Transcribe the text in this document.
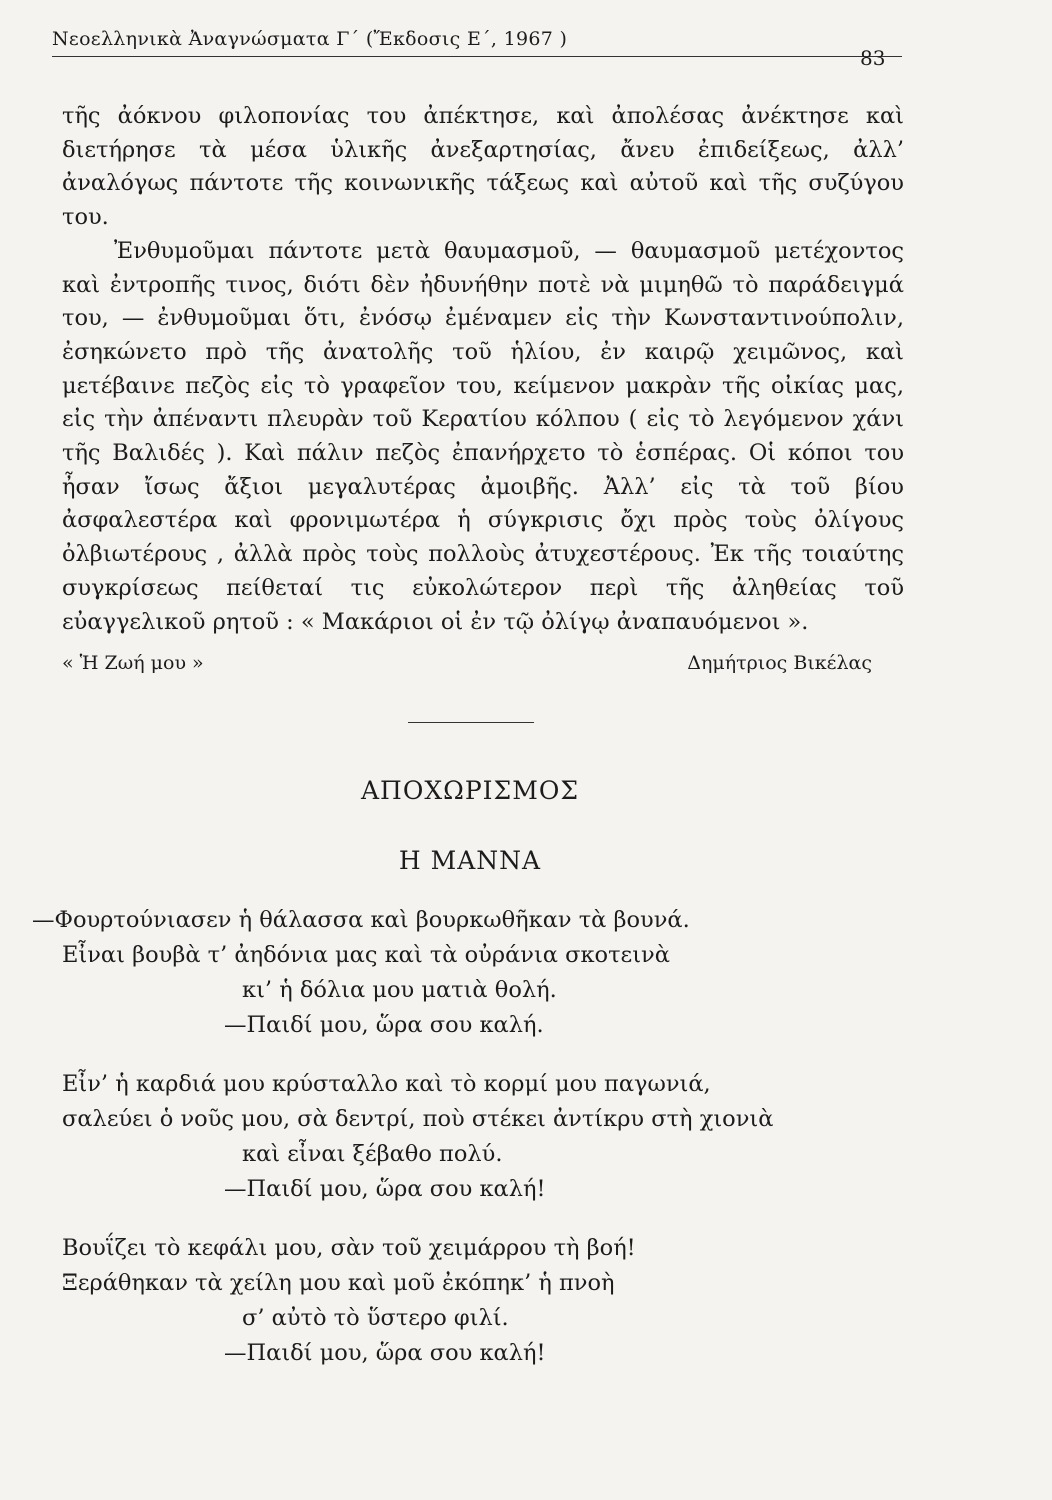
Νεοελληνικὰ Ἀναγνώσματα Γ΄ (Ἔκδοσις Ε΄, 1967 )
83

τῆς ἀόκνου φιλοπονίας του ἀπέκτησε, καὶ ἀπολέσας ἀνέκτησε καὶ διετήρησε τὰ μέσα ὑλικῆς ἀνεξαρτησίας, ἄνευ ἐπιδείξεως, ἀλλ’ ἀναλόγως πάντοτε τῆς κοινωνικῆς τάξεως καὶ αὐτοῦ καὶ τῆς συζύγου του.

Ἐνθυμοῦμαι πάντοτε μετὰ θαυμασμοῦ, — θαυμασμοῦ μετέχοντος καὶ ἐντροπῆς τινος, διότι δὲν ἠδυνήθην ποτὲ νὰ μιμηθῶ τὸ παράδειγμά του, — ἐνθυμοῦμαι ὅτι, ἐνόσῳ ἐμέναμεν εἰς τὴν Κωνσταντινούπολιν, ἐσηκώνετο πρὸ τῆς ἀνατολῆς τοῦ ἡλίου, ἐν καιρῷ χειμῶνος, καὶ μετέβαινε πεζὸς εἰς τὸ γραφεῖον του, κείμενον μακρὰν τῆς οἰκίας μας, εἰς τὴν ἀπέναντι πλευρὰν τοῦ Κερατίου κόλπου ( εἰς τὸ λεγόμενον χάνι τῆς Βαλιδές ). Καὶ πάλιν πεζὸς ἐπανήρχετο τὸ ἑσπέρας. Οἱ κόποι του ἦσαν ἴσως ἄξιοι μεγαλυτέρας ἀμοιβῆς. Ἀλλ’ εἰς τὰ τοῦ βίου ἀσφαλεστέρα καὶ φρονιμωτέρα ἡ σύγκρισις ὄχι πρὸς τοὺς ὀλίγους ὀλβιωτέρους , ἀλλὰ πρὸς τοὺς πολλοὺς ἀτυχεστέρους. Ἐκ τῆς τοιαύτης συγκρίσεως πείθεταί τις εὐκολώτερον περὶ τῆς ἀληθείας τοῦ εὐαγγελικοῦ ρητοῦ : « Μακάριοι οἱ ἐν τῷ ὀλίγῳ ἀναπαυόμενοι ».

« Ἡ Ζωή μου »	Δημήτριος Βικέλας
ΑΠΟΧΩΡΙΣΜΟΣ
Η ΜΑΝΝΑ
—Φουρτούνιασεν ἡ θάλασσα καὶ βουρκωθῆκαν τὰ βουνά.
Εἶναι βουβὰ τ’ ἀηδόνια μας καὶ τὰ οὐράνια σκοτεινὰ
κι’ ἡ δόλια μου ματιὰ θολή.
—Παιδί μου, ὥρα σου καλή.
Εἶν’ ἡ καρδιά μου κρύσταλλο καὶ τὸ κορμί μου παγωνιά,
σαλεύει ὁ νοῦς μου, σὰ δεντρί, ποὺ στέκει ἀντίκρυ στὴ χιονιὰ
καὶ εἶναι ξέβαθο πολύ.
—Παιδί μου, ὥρα σου καλή!
Βουΐζει τὸ κεφάλι μου, σὰν τοῦ χειμάρρου τὴ βοή!
Ξεράθηκαν τὰ χείλη μου καὶ μοῦ ἐκόπηκ’ ἡ πνοὴ
σ’ αὐτὸ τὸ ὕστερο φιλί.
—Παιδί μου, ὥρα σου καλή!
